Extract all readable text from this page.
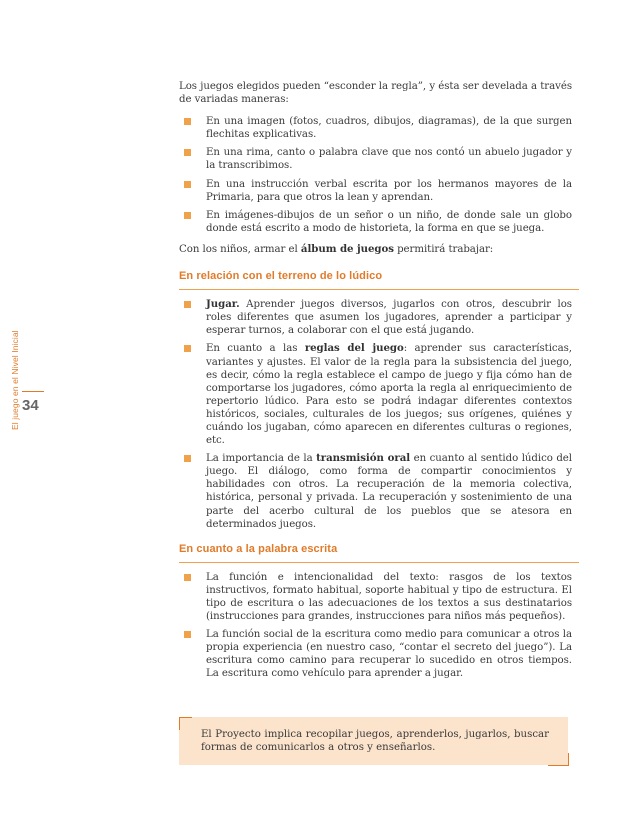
El juego en el Nivel Inicial 34

Los juegos elegidos pueden “esconder la regla”, y ésta ser develada a través de variadas maneras:

En una imagen (fotos, cuadros, dibujos, diagramas), de la que surgen flechitas explicativas.
En una rima, canto o palabra clave que nos contó un abuelo jugador y la transcribimos.
En una instrucción verbal escrita por los hermanos mayores de la Primaria, para que otros la lean y aprendan.
En imágenes-dibujos de un señor o un niño, de donde sale un globo donde está escrito a modo de historieta, la forma en que se juega.

Con los niños, armar el álbum de juegos permitirá trabajar:

En relación con el terreno de lo lúdico
Jugar. Aprender juegos diversos, jugarlos con otros, descubrir los roles diferentes que asumen los jugadores, aprender a participar y esperar turnos, a colaborar con el que está jugando.
En cuanto a las reglas del juego: aprender sus características, variantes y ajustes. El valor de la regla para la subsistencia del juego, es decir, cómo la regla establece el campo de juego y fija cómo han de comportarse los jugadores, cómo aporta la regla al enriquecimiento de repertorio lúdico. Para esto se podrá indagar diferentes contextos históricos, sociales, culturales de los juegos; sus orígenes, quiénes y cuándo los jugaban, cómo aparecen en diferentes culturas o regiones, etc.
La importancia de la transmisión oral en cuanto al sentido lúdico del juego. El diálogo, como forma de compartir conocimientos y habilidades con otros. La recuperación de la memoria colectiva, histórica, personal y privada. La recuperación y sostenimiento de una parte del acerbo cultural de los pueblos que se atesora en determinados juegos.
En cuanto a la palabra escrita
La función e intencionalidad del texto: rasgos de los textos instructivos, formato habitual, soporte habitual y tipo de estructura. El tipo de escritura o las adecuaciones de los textos a sus destinatarios (instrucciones para grandes, instrucciones para niños más pequeños).
La función social de la escritura como medio para comunicar a otros la propia experiencia (en nuestro caso, “contar el secreto del juego”). La escritura como camino para recuperar lo sucedido en otros tiempos. La escritura como vehículo para aprender a jugar.
El Proyecto implica recopilar juegos, aprenderlos, jugarlos, buscar formas de comunicarlos a otros y enseñarlos.
